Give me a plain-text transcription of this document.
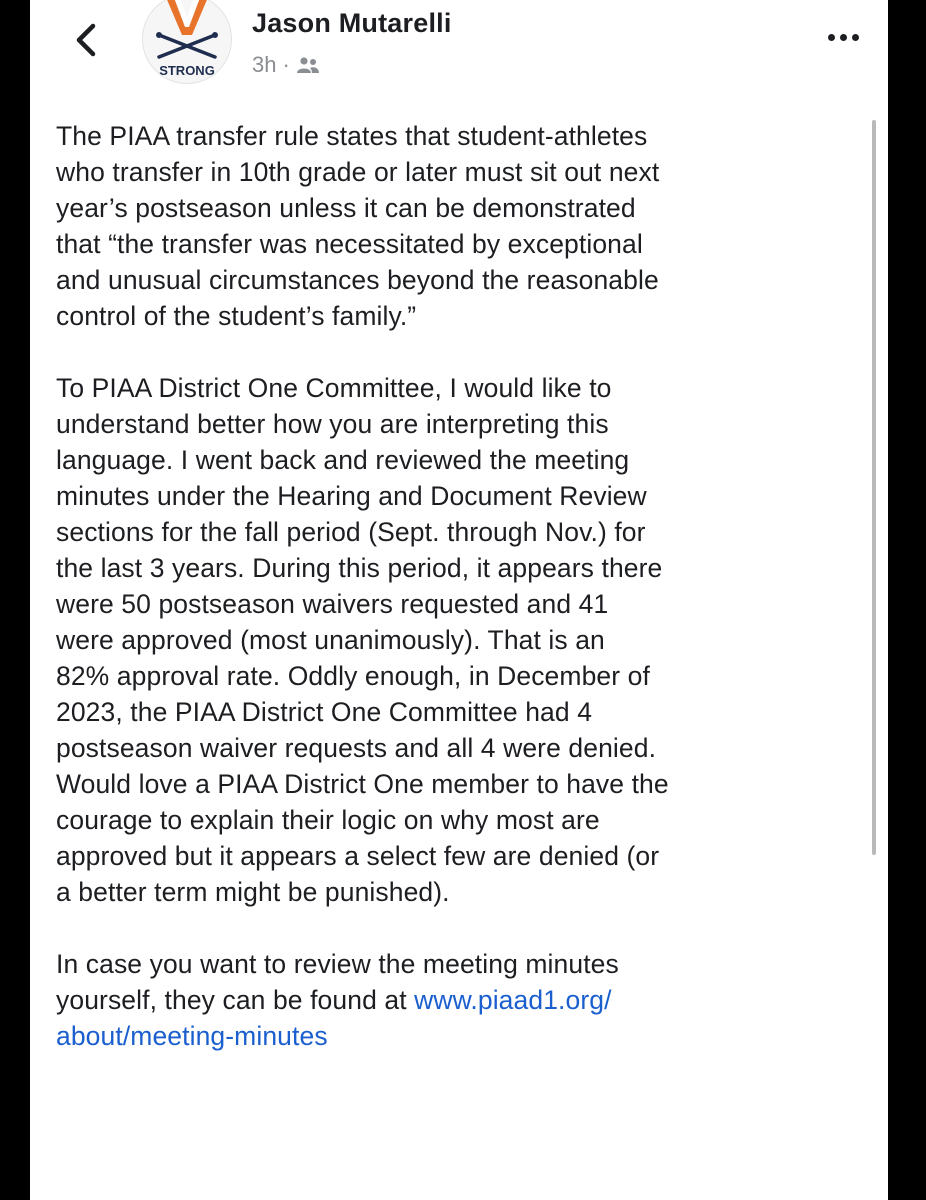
STRONG
Jason Mutarelli
3h ·

The PIAA transfer rule states that student-athletes
who transfer in 10th grade or later must sit out next
year’s postseason unless it can be demonstrated
that “the transfer was necessitated by exceptional
and unusual circumstances beyond the reasonable
control of the student’s family.”

To PIAA District One Committee, I would like to
understand better how you are interpreting this
language. I went back and reviewed the meeting
minutes under the Hearing and Document Review
sections for the fall period (Sept. through Nov.) for
the last 3 years. During this period, it appears there
were 50 postseason waivers requested and 41
were approved (most unanimously). That is an
82% approval rate. Oddly enough, in December of
2023, the PIAA District One Committee had 4
postseason waiver requests and all 4 were denied.
Would love a PIAA District One member to have the
courage to explain their logic on why most are
approved but it appears a select few are denied (or
a better term might be punished).

In case you want to review the meeting minutes
yourself, they can be found at www.piaad1.org/
about/meeting-minutes
